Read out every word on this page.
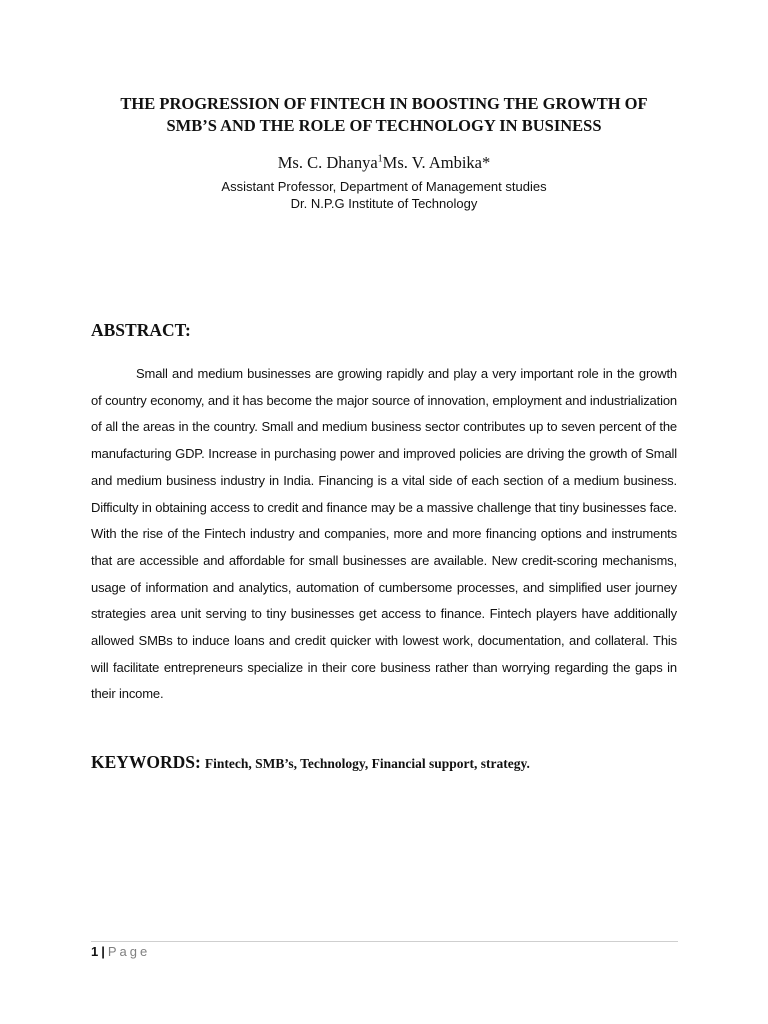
THE PROGRESSION OF FINTECH IN BOOSTING THE GROWTH OF
SMB’S AND THE ROLE OF TECHNOLOGY IN BUSINESS
Ms. C. Dhanya$^1$Ms. V. Ambika*
Assistant Professor, Department of Management studies
Dr. N.P.G Institute of Technology
ABSTRACT:

Small and medium businesses are growing rapidly and play a very important role in the growth of country economy, and it has become the major source of innovation, employment and industrialization of all the areas in the country. Small and medium business sector contributes up to seven percent of the manufacturing GDP. Increase in purchasing power and improved policies are driving the growth of Small and medium business industry in India. Financing is a vital side of each section of a medium business. Difficulty in obtaining access to credit and finance may be a massive challenge that tiny businesses face. With the rise of the Fintech industry and companies, more and more financing options and instruments that are accessible and affordable for small businesses are available. New credit-scoring mechanisms, usage of information and analytics, automation of cumbersome processes, and simplified user journey strategies area unit serving to tiny businesses get access to finance. Fintech players have additionally allowed SMBs to induce loans and credit quicker with lowest work, documentation, and collateral. This will facilitate entrepreneurs specialize in their core business rather than worrying regarding the gaps in their income.

KEYWORDS: Fintech, SMB’s, Technology, Financial support, strategy.
1 | Page
